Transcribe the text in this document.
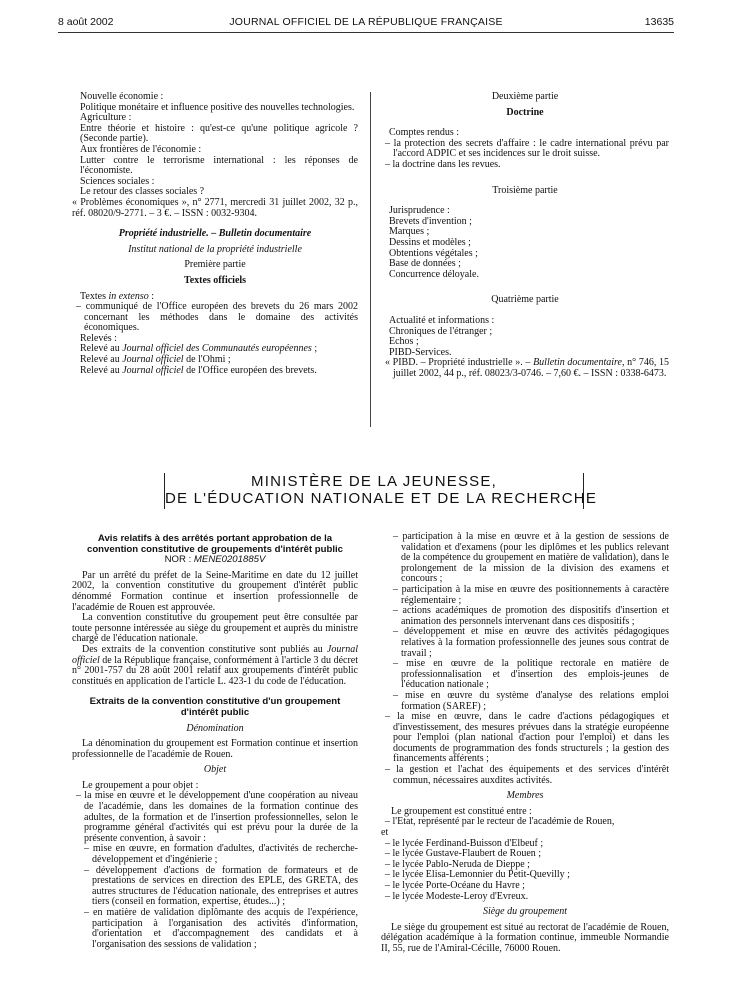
8 août 2002	JOURNAL OFFICIEL DE LA RÉPUBLIQUE FRANÇAISE	13635

Nouvelle économie :

Politique monétaire et influence positive des nouvelles technologies.

Agriculture :

Entre théorie et histoire : qu'est-ce qu'une politique agricole ? (Seconde partie).

Aux frontières de l'économie :

Lutter contre le terrorisme international : les réponses de l'économiste.

Sciences sociales :

Le retour des classes sociales ?

« Problèmes économiques », n° 2771, mercredi 31 juillet 2002, 32 p., réf. 08020/9-2771. – 3 €. – ISSN : 0032-9304.

Propriété industrielle. – Bulletin documentaire

Institut national de la propriété industrielle

Première partie

Textes officiels

Textes in extenso :

– communiqué de l'Office européen des brevets du 26 mars 2002 concernant les méthodes dans le domaine des activités économiques.

Relevés :

Relevé au Journal officiel des Communautés européennes ;

Relevé au Journal officiel de l'Ohmi ;

Relevé au Journal officiel de l'Office européen des brevets.

Deuxième partie

Doctrine

Comptes rendus :

– la protection des secrets d'affaire : le cadre international prévu par l'accord ADPIC et ses incidences sur le droit suisse.

– la doctrine dans les revues.

Troisième partie

Jurisprudence :

Brevets d'invention ;

Marques ;

Dessins et modèles ;

Obtentions végétales ;

Base de données ;

Concurrence déloyale.

Quatrième partie

Actualité et informations :

Chroniques de l'étranger ;

Echos ;

PIBD-Services.

« PIBD. – Propriété industrielle ». – Bulletin documentaire, n° 746, 15 juillet 2002, 44 p., réf. 08023/3-0746. – 7,60 €. – ISSN : 0338-6473.

MINISTÈRE DE LA JEUNESSE,
DE L'ÉDUCATION NATIONALE ET DE LA RECHERCHE

Avis relatifs à des arrêtés portant approbation de la convention constitutive de groupements d'intérêt public

NOR : MENE0201885V

Par un arrêté du préfet de la Seine-Maritime en date du 12 juillet 2002, la convention constitutive du groupement d'intérêt public dénommé Formation continue et insertion professionnelle de l'académie de Rouen est approuvée.

La convention constitutive du groupement peut être consultée par toute personne intéressée au siège du groupement et auprès du ministre chargé de l'éducation nationale.

Des extraits de la convention constitutive sont publiés au Journal officiel de la République française, conformément à l'article 3 du décret n° 2001-757 du 28 août 2001 relatif aux groupements d'intérêt public constitués en application de l'article L. 423-1 du code de l'éducation.

Extraits de la convention constitutive d'un groupement d'intérêt public

Dénomination

La dénomination du groupement est Formation continue et insertion professionnelle de l'académie de Rouen.

Objet

Le groupement a pour objet :

– la mise en œuvre et le développement d'une coopération au niveau de l'académie, dans les domaines de la formation continue des adultes, de la formation et de l'insertion professionnelles, selon le programme général d'activités qui est prévu pour la durée de la présente convention, à savoir :

– mise en œuvre, en formation d'adultes, d'activités de recherche-développement et d'ingénierie ;

– développement d'actions de formation de formateurs et de prestations de services en direction des EPLE, des GRETA, des autres structures de l'éducation nationale, des entreprises et autres tiers (conseil en formation, expertise, études...) ;

– en matière de validation diplômante des acquis de l'expérience, participation à l'organisation des activités d'information, d'orientation et d'accompagnement des candidats et à l'organisation des sessions de validation ;

– participation à la mise en œuvre et à la gestion de sessions de validation et d'examens (pour les diplômes et les publics relevant de la compétence du groupement en matière de validation), dans le prolongement de la mission de la division des examens et concours ;

– participation à la mise en œuvre des positionnements à caractère réglementaire ;

– actions académiques de promotion des dispositifs d'insertion et animation des personnels intervenant dans ces dispositifs ;

– développement et mise en œuvre des activités pédagogiques relatives à la formation professionnelle des jeunes sous contrat de travail ;

– mise en œuvre de la politique rectorale en matière de professionnalisation et d'insertion des emplois-jeunes de l'éducation nationale ;

– mise en œuvre du système d'analyse des relations emploi formation (SAREF) ;

– la mise en œuvre, dans le cadre d'actions pédagogiques et d'investissement, des mesures prévues dans la stratégie européenne pour l'emploi (plan national d'action pour l'emploi) et dans les documents de programmation des fonds structurels ; la gestion des financements afférents ;

– la gestion et l'achat des équipements et des services d'intérêt commun, nécessaires auxdites activités.

Membres

Le groupement est constitué entre :

– l'Etat, représenté par le recteur de l'académie de Rouen,

et

– le lycée Ferdinand-Buisson d'Elbeuf ;

– le lycée Gustave-Flaubert de Rouen ;

– le lycée Pablo-Neruda de Dieppe ;

– le lycée Elisa-Lemonnier du Petit-Quevilly ;

– le lycée Porte-Océane du Havre ;

– le lycée Modeste-Leroy d'Evreux.

Siège du groupement

Le siège du groupement est situé au rectorat de l'académie de Rouen, délégation académique à la formation continue, immeuble Normandie II, 55, rue de l'Amiral-Cécille, 76000 Rouen.
